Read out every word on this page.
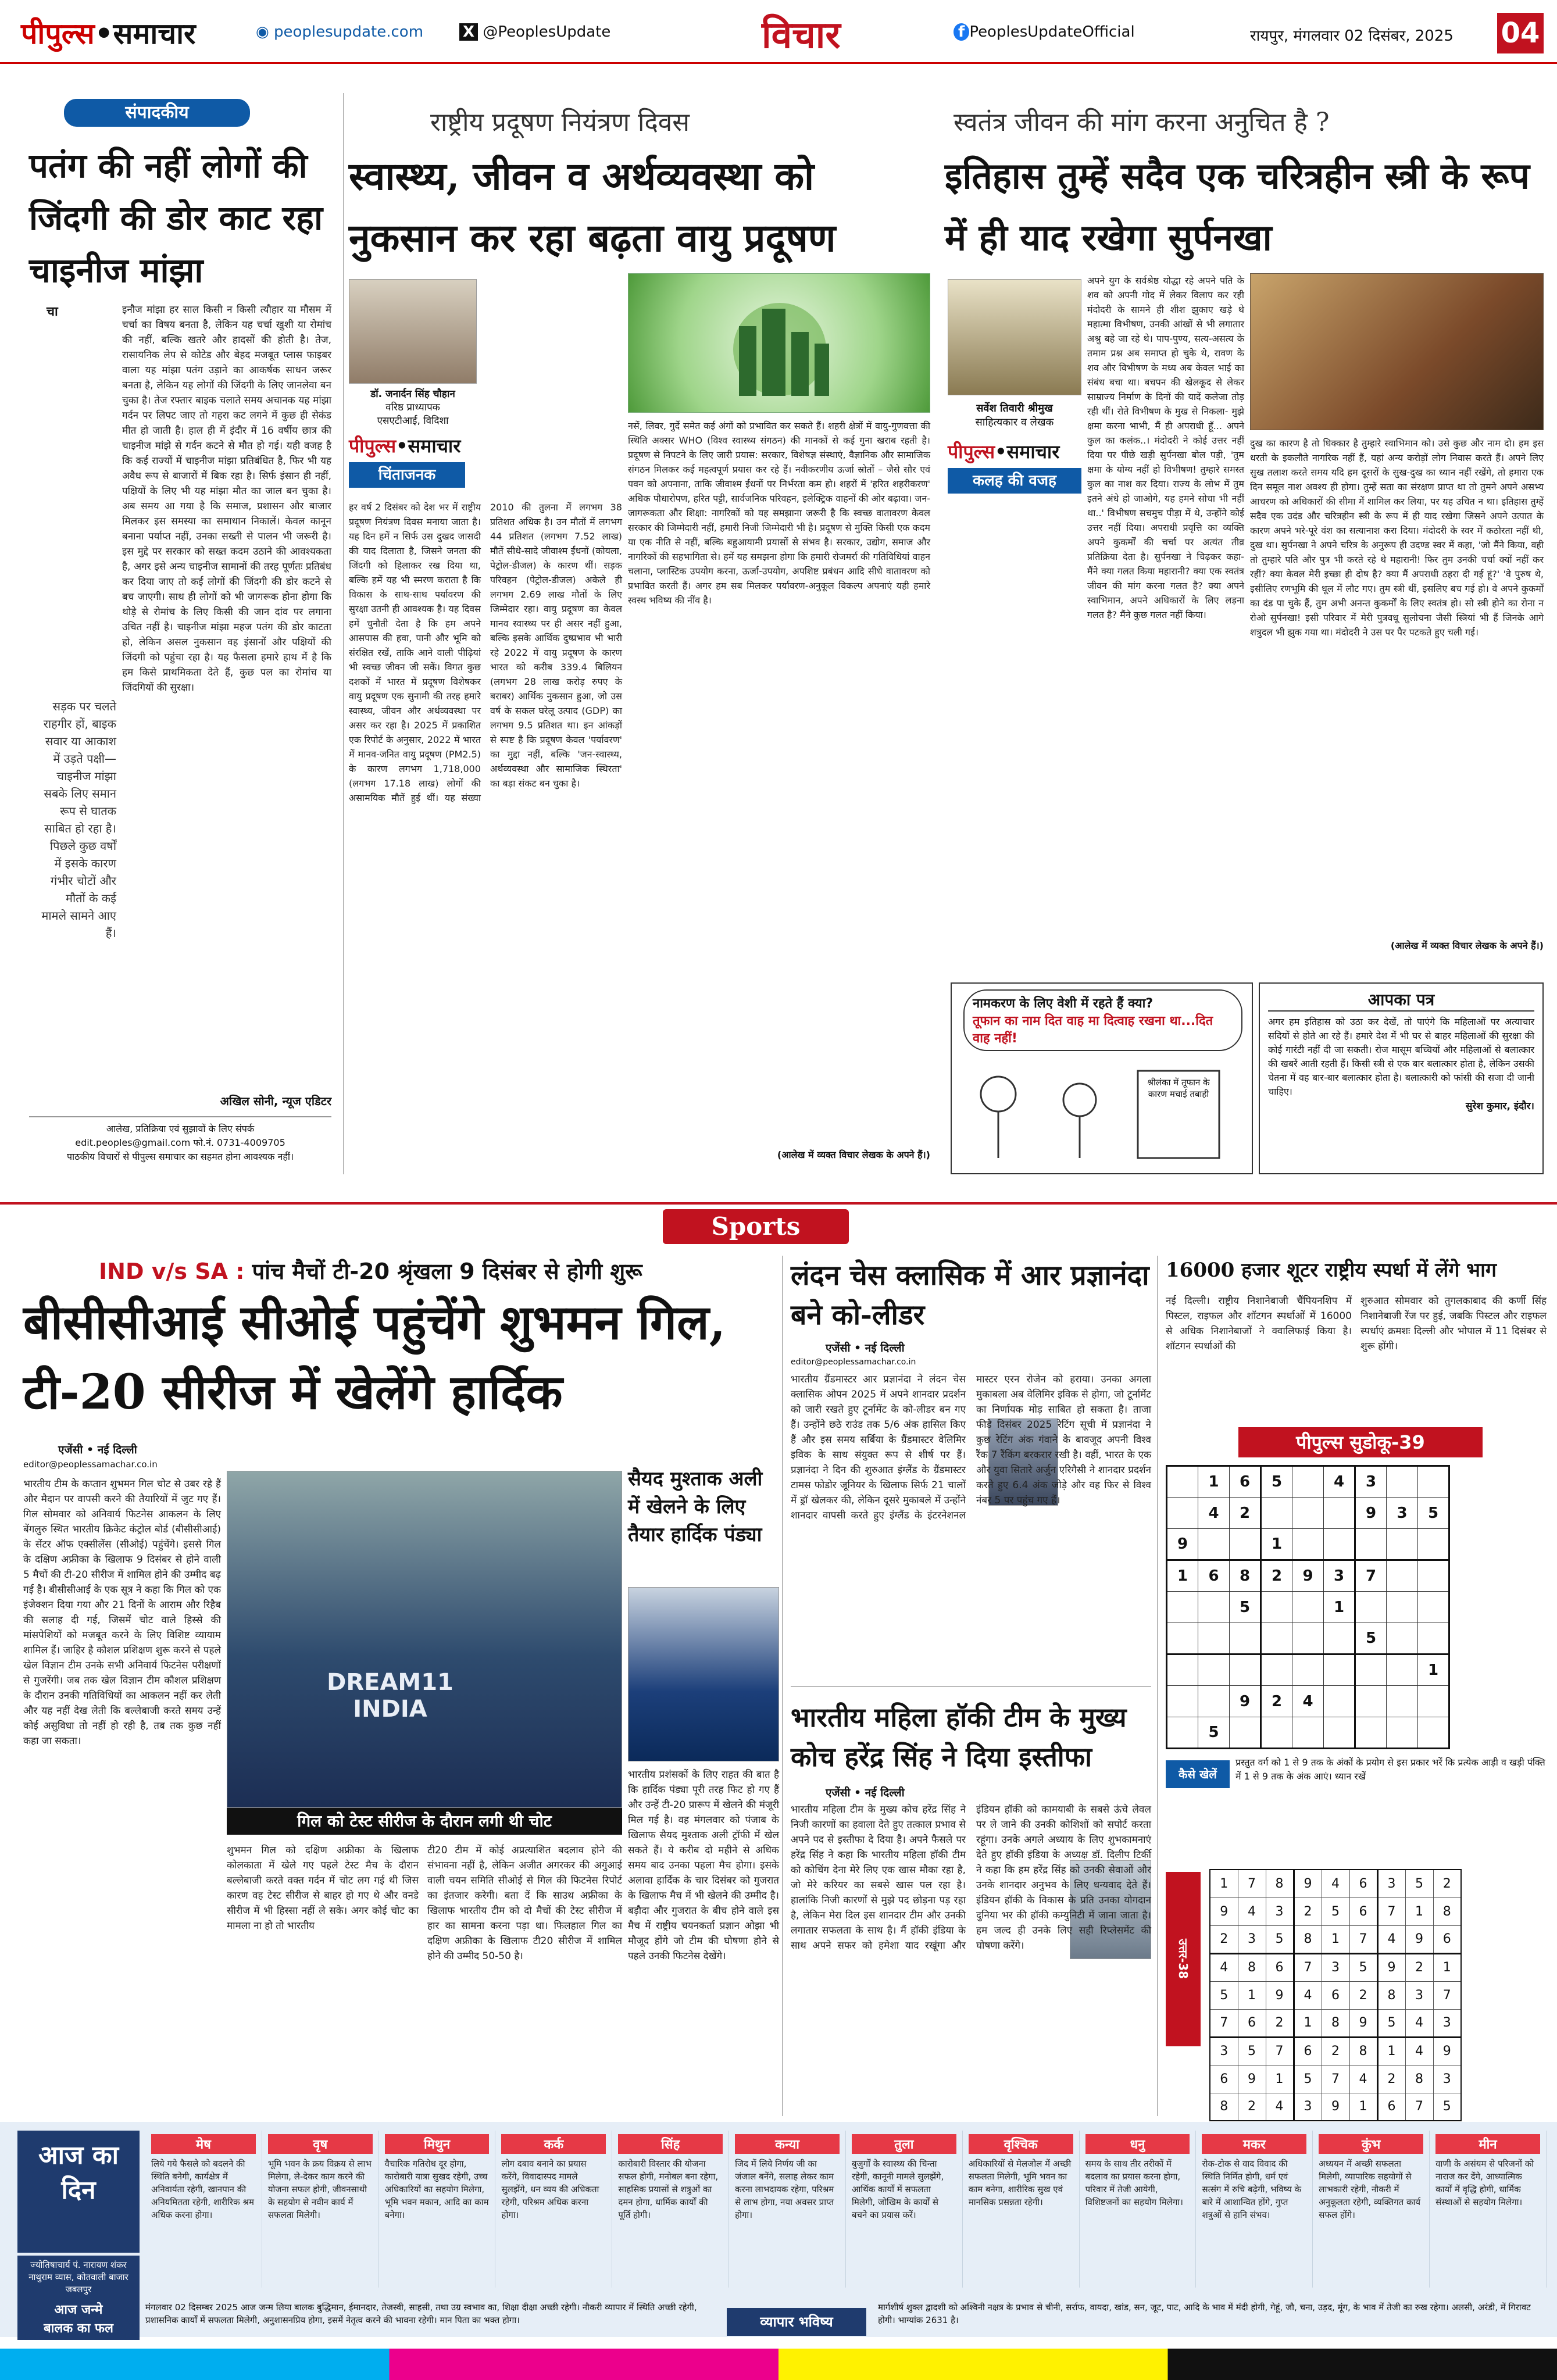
पीपुल्स•समाचार	◉ peoplesupdate.com	X @PeoplesUpdate	विचार	f PeoplesUpdateOfficial	रायपुर, मंगलवार 02 दिसंबर, 2025 04
संपादकीय
पतंग की नहीं लोगों की जिंदगी की डोर काट रहा चाइनीज मांझा
इनौज मांझा हर साल किसी न किसी त्यौहार या मौसम में चर्चा का विषय बनता है, लेकिन यह चर्चा खुशी या रोमांच की नहीं, बल्कि खतरे और हादसों की होती है। तेज, रासायनिक लेप से कोटेड और बेहद मजबूत प्लास फाइबर वाला यह मांझा पतंग उड़ाने का आकर्षक साधन जरूर बनता है, लेकिन यह लोगों की जिंदगी के लिए जानलेवा बन चुका है। तेज रफ्तार बाइक चलाते समय अचानक यह मांझा गर्दन पर लिपट जाए तो गहरा कट लगने में कुछ ही सेकंड मीत हो जाती है। हाल ही में इंदौर में 16 वर्षीय छात्र की चाइनीज मांझे से गर्दन कटने से मौत हो गई। यही वजह है कि कई राज्यों में चाइनीज मांझा प्रतिबंधित है, फिर भी यह अवैध रूप से बाजारों में बिक रहा है। सिर्फ इंसान ही नहीं, पक्षियों के लिए भी यह मांझा मौत का जाल बन चुका है। अब समय आ गया है कि समाज, प्रशासन और बाजार मिलकर इस समस्या का समाधान निकालें। केवल कानून बनाना पर्याप्त नहीं, उनका सख्ती से पालन भी जरूरी है। इस मुद्दे पर सरकार को सख्त कदम उठाने की आवश्यकता है, अगर इसे अन्य चाइनीज सामानों की तरह पूर्णतः प्रतिबंध कर दिया जाए तो कई लोगों की जिंदगी की डोर कटने से बच जाएगी। साथ ही लोगों को भी जागरूक होना होगा कि थोड़े से रोमांच के लिए किसी की जान दांव पर लगाना उचित नहीं है। चाइनीज मांझा महज पतंग की डोर काटता हो, लेकिन असल नुकसान वह इंसानों और पक्षियों की जिंदगी को पहुंचा रहा है। यह फैसला हमारे हाथ में है कि हम किसे प्राथमिकता देते हैं, कुछ पल का रोमांच या जिंदगियों की सुरक्षा।
चा
सड़क पर चलते राहगीर हों, बाइक सवार या आकाश में उड़ते पक्षी—चाइनीज मांझा सबके लिए समान रूप से घातक साबित हो रहा है। पिछले कुछ वर्षों में इसके कारण गंभीर चोटों और मौतों के कई मामले सामने आए हैं।
अखिल सोनी, न्यूज एडिटर
आलेख, प्रतिक्रिया एवं सुझावों के लिए संपर्क
edit.peoples@gmail.com फो.नं. 0731-4009705
पाठकीय विचारों से पीपुल्स समाचार का सहमत होना आवश्यक नहीं।
राष्ट्रीय प्रदूषण नियंत्रण दिवस
स्वास्थ्य, जीवन व अर्थव्यवस्था को नुकसान कर रहा बढ़ता वायु प्रदूषण
डॉ. जनार्दन सिंह चौहान
वरिष्ठ प्राध्यापक
एसएटीआई, विदिशा
पीपुल्स•समाचार
चिंताजनक
हर वर्ष 2 दिसंबर को देश भर में राष्ट्रीय प्रदूषण नियंत्रण दिवस मनाया जाता है। यह दिन हमें न सिर्फ उस दुखद जासदी की याद दिलाता है, जिसने जनता की जिंदगी को हिलाकर रख दिया था, बल्कि हमें यह भी स्मरण कराता है कि विकास के साथ-साथ पर्यावरण की सुरक्षा उतनी ही आवश्यक है। यह दिवस हमें चुनौती देता है कि हम अपने आसपास की हवा, पानी और भूमि को संरक्षित रखें, ताकि आने वाली पीढ़ियां भी स्वच्छ जीवन जी सकें। विगत कुछ दशकों में भारत में प्रदूषण विशेषकर वायु प्रदूषण एक सुनामी की तरह हमारे स्वास्थ्य, जीवन और अर्थव्यवस्था पर असर कर रहा है। 2025 में प्रकाशित एक रिपोर्ट के अनुसार, 2022 में भारत में मानव-जनित वायु प्रदूषण (PM2.5) के कारण लगभग 1,718,000 (लगभग 17.18 लाख) लोगों की असामयिक मौतें हुई थीं। यह संख्या 2010 की तुलना में लगभग 38 प्रतिशत अधिक है। उन मौतों में लगभग 44 प्रतिशत (लगभग 7.52 लाख) मौतें सीधे-सादे जीवाश्म ईंधनों (कोयला, पेट्रोल-डीजल) के कारण थीं। सड़क परिवहन (पेट्रोल-डीजल) अकेले ही लगभग 2.69 लाख मौतों के लिए जिम्मेदार रहा। वायु प्रदूषण का केवल मानव स्वास्थ्य पर ही असर नहीं हुआ, बल्कि इसके आर्थिक दुष्प्रभाव भी भारी रहे 2022 में वायु प्रदूषण के कारण भारत को करीब 339.4 बिलियन (लगभग 28 लाख करोड़ रुपए के बराबर) आर्थिक नुकसान हुआ, जो उस वर्ष के सकल घरेलू उत्पाद (GDP) का लगभग 9.5 प्रतिशत था। इन आंकड़ों से स्पष्ट है कि प्रदूषण केवल 'पर्यावरण' का मुद्दा नहीं, बल्कि 'जन-स्वास्थ्य, अर्थव्यवस्था और सामाजिक स्थिरता' का बड़ा संकट बन चुका है।
नसें, लिवर, गुर्दे समेत कई अंगों को प्रभावित कर सकते हैं। शहरी क्षेत्रों में वायु-गुणवत्ता की स्थिति अक्सर WHO (विश्व स्वास्थ्य संगठन) की मानकों से कई गुना खराब रहती है। प्रदूषण से निपटने के लिए जारी प्रयास: सरकार, विशेषज्ञ संस्थाएं, वैज्ञानिक और सामाजिक संगठन मिलकर कई महत्वपूर्ण प्रयास कर रहे हैं। नवीकरणीय ऊर्जा स्रोतों – जैसे सौर एवं पवन को अपनाना, ताकि जीवाश्म ईंधनों पर निर्भरता कम हो। शहरों में 'हरित शहरीकरण' अधिक पौधारोपण, हरित पट्टी, सार्वजनिक परिवहन, इलेक्ट्रिक वाहनों की ओर बढ़ावा। जन-जागरूकता और शिक्षा: नागरिकों को यह समझाना जरूरी है कि स्वच्छ वातावरण केवल सरकार की जिम्मेदारी नहीं, हमारी निजी जिम्मेदारी भी है। प्रदूषण से मुक्ति किसी एक कदम या एक नीति से नहीं, बल्कि बहुआयामी प्रयासों से संभव है। सरकार, उद्योग, समाज और नागरिकों की सहभागिता से। हमें यह समझना होगा कि हमारी रोजमर्रा की गतिविधियां वाहन चलाना, प्लास्टिक उपयोग करना, ऊर्जा-उपयोग, अपशिष्ट प्रबंधन आदि सीधे वातावरण को प्रभावित करती हैं। अगर हम सब मिलकर पर्यावरण-अनुकूल विकल्प अपनाएं यही हमारे स्वस्थ भविष्य की नींव है।
(आलेख में व्यक्त विचार लेखक के अपने हैं।)
स्वतंत्र जीवन की मांग करना अनुचित है ?
इतिहास तुम्हें सदैव एक चरित्रहीन स्त्री के रूप में ही याद रखेगा सुर्पनखा
सर्वेश तिवारी श्रीमुख
साहित्यकार व लेखक
पीपुल्स•समाचार
कलह की वजह
अपने युग के सर्वश्रेष्ठ योद्धा रहे अपने पति के शव को अपनी गोद में लेकर विलाप कर रही मंदोदरी के सामने ही शीश झुकाए खड़े थे महात्मा विभीषण, उनकी आंखों से भी लगातार अश्रु बहे जा रहे थे। पाप-पुण्य, सत्य-असत्य के तमाम प्रश्न अब समाप्त हो चुके थे, रावण के शव और विभीषण के मध्य अब केवल भाई का संबंध बचा था। बचपन की खेलकूद से लेकर साम्राज्य निर्माण के दिनों की यादें कलेजा तोड़ रही थीं। रोते विभीषण के मुख से निकला- मुझे क्षमा करना भाभी, मैं ही अपराधी हूँ... अपने कुल का कलंक..। मंदोदरी ने कोई उत्तर नहीं दिया पर पीछे खड़ी सुर्पनखा बोल पड़ी, 'तुम क्षमा के योग्य नहीं हो विभीषण! तुम्हारे समस्त कुल का नाश कर दिया। राज्य के लोभ में तुम इतने अंधे हो जाओगे, यह हमने सोचा भी नहीं था..' विभीषण सचमुच पीड़ा में थे, उन्होंने कोई उत्तर नहीं दिया। अपराधी प्रवृत्ति का व्यक्ति अपने कुकर्मों की चर्चा पर अत्यंत तीव्र प्रतिक्रिया देता है। सुर्पनखा ने चिढ़कर कहा- मैंने क्या गलत किया महारानी? क्या एक स्वतंत्र जीवन की मांग करना गलत है? क्या अपने स्वाभिमान, अपने अधिकारों के लिए लड़ना गलत है? मैंने कुछ गलत नहीं किया।
दुख का कारण है तो धिक्कार है तुम्हारे स्वाभिमान को। उसे कुछ और नाम दो। हम इस धरती के इकलौते नागरिक नहीं हैं, यहां अन्य करोड़ों लोग निवास करते हैं। अपने लिए सुख तलाश करते समय यदि हम दूसरों के सुख-दुख का ध्यान नहीं रखेंगे, तो हमारा एक दिन समूल नाश अवश्य ही होगा। तुम्हें सता का संरक्षण प्राप्त था तो तुमने अपने असभ्य आचरण को अधिकारों की सीमा में शामिल कर लिया, पर यह उचित न था। इतिहास तुम्हें सदैव एक उदंड और चरित्रहीन स्त्री के रूप में ही याद रखेगा जिसने अपने उत्पात के कारण अपने भरे-पूरे वंश का सत्यानाश करा दिया। मंदोदरी के स्वर में कठोरता नहीं थी, दुख था। सुर्पनखा ने अपने चरित्र के अनुरूप ही उदण्ड स्वर में कहा, 'जो मैंने किया, वही तो तुम्हारे पति और पुत्र भी करते रहे थे महारानी! फिर तुम उनकी चर्चा क्यों नहीं कर रहीं? क्या केवल मेरी इच्छा ही दोष है? क्या मैं अपराधी ठहरा दी गई हूं?' 'वे पुरुष थे, इसीलिए रणभूमि की धूल में लौट गए। तुम स्त्री थीं, इसलिए बच गई हो। वे अपने कुकर्मों का दंड पा चुके हैं, तुम अभी अनन्त कुकर्मों के लिए स्वतंत्र हो। सो स्त्री होने का रोना न रोओ सुर्पनखा! इसी परिवार में मेरी पुत्रवधू सुलोचना जैसी स्त्रियां भी हैं जिनके आगे शत्रुदल भी झुक गया था। मंदोदरी ने उस पर पैर पटकते हुए चली गई।
(आलेख में व्यक्त विचार लेखक के अपने हैं।)
नामकरण के लिए वेशी में रहते हैं क्या?
तूफान का नाम दित वाह मा दित्वाह रखना था...दित वाह नहीं!
श्रीलंका में तूफान के कारण मचाई तबाही
आपका पत्र
अगर हम इतिहास को उठा कर देखें, तो पाएंगे कि महिलाओं पर अत्याचार सदियों से होते आ रहे हैं। हमारे देश में भी घर से बाहर महिलाओं की सुरक्षा की कोई गारंटी नहीं दी जा सकती। रोज मासूम बच्चियों और महिलाओं से बलात्कार की खबरें आती रहती हैं। किसी स्त्री से एक बार बलात्कार होता है, लेकिन उसकी चेतना में वह बार-बार बलात्कार होता है। बलात्कारी को फांसी की सजा दी जानी चाहिए।
सुरेश कुमार, इंदौर।
Sports
IND v/s SA : पांच मैचों टी-20 श्रृंखला 9 दिसंबर से होगी शुरू
बीसीसीआई सीओई पहुंचेंगे शुभमन गिल, टी-20 सीरीज में खेलेंगे हार्दिक
एजेंसी • नई दिल्ली
editor@peoplessamachar.co.in
भारतीय टीम के कप्तान शुभमन गिल चोट से उबर रहे हैं और मैदान पर वापसी करने की तैयारियों में जुट गए हैं। गिल सोमवार को अनिवार्य फिटनेस आकलन के लिए बेंगलुरु स्थित भारतीय क्रिकेट कंट्रोल बोर्ड (बीसीसीआई) के सेंटर ऑफ एक्सीलेंस (सीओई) पहुंचेंगे। इससे गिल के दक्षिण अफ्रीका के खिलाफ 9 दिसंबर से होने वाली 5 मैचों की टी-20 सीरीज में शामिल होने की उम्मीद बढ़ गई है। बीसीसीआई के एक सूत्र ने कहा कि गिल को एक इंजेक्शन दिया गया और 21 दिनों के आराम और रिहैब की सलाह दी गई, जिसमें चोट वाले हिस्से की मांसपेशियों को मजबूत करने के लिए विशिष्ट व्यायाम शामिल हैं। जाहिर है कौशल प्रशिक्षण शुरू करने से पहले खेल विज्ञान टीम उनके सभी अनिवार्य फिटनेस परीक्षणों से गुजरेंगी। जब तक खेल विज्ञान टीम कौशल प्रशिक्षण के दौरान उनकी गतिविधियों का आकलन नहीं कर लेती और यह नहीं देख लेती कि बल्लेबाजी करते समय उन्हें कोई असुविधा तो नहीं हो रही है, तब तक कुछ नहीं कहा जा सकता।
DREAM11 INDIA
गिल को टेस्ट सीरीज के दौरान लगी थी चोट
शुभमन गिल को दक्षिण अफ्रीका के खिलाफ कोलकाता में खेले गए पहले टेस्ट मैच के दौरान बल्लेबाजी करते वक्त गर्दन में चोट लग गई थी जिस कारण वह टेस्ट सीरीज से बाहर हो गए थे और वनडे सीरीज में भी हिस्सा नहीं ले सके। अगर कोई चोट का मामला ना हो तो भारतीय
टी20 टीम में कोई अप्रत्याशित बदलाव होने की संभावना नहीं है, लेकिन अजीत अगरकर की अगुआई वाली चयन समिति सीओई से गिल की फिटनेस रिपोर्ट का इंतजार करेगी। बता दें कि साउथ अफ्रीका के खिलाफ भारतीय टीम को दो मैचों की टेस्ट सीरीज में हार का सामना करना पड़ा था। फिलहाल गिल का दक्षिण अफ्रीका के खिलाफ टी20 सीरीज में शामिल होने की उम्मीद 50-50 है।
सैयद मुश्ताक अली में खेलने के लिए तैयार हार्दिक पंड्या
भारतीय प्रशंसकों के लिए राहत की बात है कि हार्दिक पंड्या पूरी तरह फिट हो गए हैं और उन्हें टी-20 प्रारूप में खेलने की मंजूरी मिल गई है। वह मंगलवार को पंजाब के खिलाफ सैयद मुश्ताक अली ट्रॉफी में खेल सकते हैं। ये करीब दो महीने से अधिक समय बाद उनका पहला मैच होगा। इसके अलावा हार्दिक के चार दिसंबर को गुजरात के खिलाफ मैच में भी खेलने की उम्मीद है। बड़ौदा और गुजरात के बीच होने वाले इस मैच में राष्ट्रीय चयनकर्ता प्रज्ञान ओझा भी मौजूद होंगे जो टीम की घोषणा होने से पहले उनकी फिटनेस देखेंगे।
लंदन चेस क्लासिक में आर प्रज्ञानंदा बने को-लीडर
एजेंसी • नई दिल्ली
editor@peoplessamachar.co.in
भारतीय ग्रैंडमास्टर आर प्रज्ञानंदा ने लंदन चेस क्लासिक ओपन 2025 में अपने शानदार प्रदर्शन को जारी रखते हुए टूर्नामेंट के को-लीडर बन गए हैं। उन्होंने छठे राउंड तक 5/6 अंक हासिल किए हैं और इस समय सर्बिया के ग्रैंडमास्टर वेलिमिर इविक के साथ संयुक्त रूप से शीर्ष पर हैं। प्रज्ञानंदा ने दिन की शुरुआत इंग्लैंड के ग्रैंडमास्टर टामस फोडोर जूनियर के खिलाफ सिर्फ 21 चालों में ड्रॉ खेलकर की, लेकिन दूसरे मुकाबले में उन्होंने शानदार वापसी करते हुए इंग्लैंड के इंटरनेशनल मास्टर एरन रोजेन को हराया। उनका अगला मुकाबला अब वेलिमिर इविक से होगा, जो टूर्नामेंट का निर्णायक मोड़ साबित हो सकता है। ताजा फीडे दिसंबर 2025 रेटिंग सूची में प्रज्ञानंदा ने कुछ रेटिंग अंक गंवाने के बावजूद अपनी विश्व रैंक 7 रैंकिंग बरकरार रखी है। वहीं, भारत के एक और युवा सितारे अर्जुन एरिगैसी ने शानदार प्रदर्शन करते हुए 6.4 अंक जोड़े और वह फिर से विश्व नंबर 5 पर पहुंच गए हैं।
भारतीय महिला हॉकी टीम के मुख्य कोच हरेंद्र सिंह ने दिया इस्तीफा
एजेंसी • नई दिल्ली
भारतीय महिला टीम के मुख्य कोच हरेंद्र सिंह ने निजी कारणों का हवाला देते हुए तत्काल प्रभाव से अपने पद से इस्तीफा दे दिया है। अपने फैसले पर हरेंद्र सिंह ने कहा कि भारतीय महिला हॉकी टीम को कोचिंग देना मेरे लिए एक खास मौका रहा है, जो मेरे करियर का सबसे खास पल रहा है। हालांकि निजी कारणों से मुझे पद छोड़ना पड़ रहा है, लेकिन मेरा दिल इस शानदार टीम और उनकी लगातार सफलता के साथ है। मैं हॉकी इंडिया के साथ अपने सफर को हमेशा याद रखूंगा और इंडियन हॉकी को कामयाबी के सबसे ऊंचे लेवल पर ले जाने की उनकी कोशिशों को सपोर्ट करता रहूंगा। उनके अगले अध्याय के लिए शुभकामनाएं देते हुए हॉकी इंडिया के अध्यक्ष डॉ. दिलीप टिर्की ने कहा कि हम हरेंद्र सिंह को उनकी सेवाओं और उनके शानदार अनुभव के लिए धन्यवाद देते हैं। इंडियन हॉकी के विकास के प्रति उनका योगदान दुनिया भर की हॉकी कम्युनिटी में जाना जाता है। हम जल्द ही उनके लिए सही रिप्लेसमेंट की घोषणा करेंगे।
16000 हजार शूटर राष्ट्रीय स्पर्धा में लेंगे भाग
नई दिल्ली। राष्ट्रीय निशानेबाजी चैंपियनशिप में पिस्टल, राइफल और शॉटगन स्पर्धाओं में 16000 से अधिक निशानेबाजों ने क्वालिफाई किया है। शॉटगन स्पर्धाओं की
शुरुआत सोमवार को तुगलकाबाद की कर्णी सिंह निशानेबाजी रेंज पर हुई, जबकि पिस्टल और राइफल स्पर्धाएं क्रमशः दिल्ली और भोपाल में 11 दिसंबर से शुरू होंगी।
पीपुल्स सुडोकू-39
	1	6	5		4	3		
	4	2				9	3	5
9			1					
1	6	8	2	9	3	7		
		5			1			
						5		
								1
		9	2	4				
	5							
कैसे खेलें
प्रस्तुत वर्ग को 1 से 9 तक के अंकों के प्रयोग से इस प्रकार भरें कि प्रत्येक आड़ी व खड़ी पंक्ति में 1 से 9 तक के अंक आएं। ध्यान रखें
उत्तर-38
1	7	8	9	4	6	3	5	2
9	4	3	2	5	6	7	1	8
2	3	5	8	1	7	4	9	6
4	8	6	7	3	5	9	2	1
5	1	9	4	6	2	8	3	7
7	6	2	1	8	9	5	4	3
3	5	7	6	2	8	1	4	9
6	9	1	5	7	4	2	8	3
8	2	4	3	9	1	6	7	5
आज का
दिन
ज्योतिषाचार्य पं. नारायण शंकर नाथुराम व्यास, कोतवाली बाजार जबलपुर
मेष
लिये गये फैसले को बदलने की स्थिति बनेगी, कार्यक्षेत्र में अनिवार्यता रहेगी, खानपान की अनियमितता रहेगी, शारीरिक श्रम अधिक करना होगा।
वृष
भूमि भवन के क्रय विक्रय से लाभ मिलेगा, ले-देकर काम करने की योजना सफल होगी, जीवनसाथी के सहयोग से नवीन कार्य में सफलता मिलेगी।
मिथुन
वैचारिक गतिरोध दूर होगा, कारोबारी यात्रा सुखद रहेगी, उच्च अधिकारियों का सहयोग मिलेगा, भूमि भवन मकान, आदि का काम बनेगा।
कर्क
लोग दबाव बनाने का प्रयास करेंगे, विवादास्पद मामले सुलझेंगे, धन व्यय की अधिकता रहेगी, परिश्रम अधिक करना होगा।
सिंह
कारोबारी विस्तार की योजना सफल होगी, मनोबल बना रहेगा, साहसिक प्रयासों से शत्रुओं का दमन होगा, धार्मिक कार्यों की पूर्ति होगी।
कन्या
जिद में लिये निर्णय जी का जंजाल बनेंगे, सलाह लेकर काम करना लाभदायक रहेगा, परिश्रम से लाभ होगा, नया अवसर प्राप्त होगा।
तुला
बुजुर्गों के स्वास्थ्य की चिन्ता रहेगी, कानूनी मामले सुलझेंगे, आर्थिक कार्यों में सफलता मिलेगी, जोखिम के कार्यों से बचने का प्रयास करें।
वृश्चिक
अधिकारियों से मेलजोल में अच्छी सफलता मिलेगी, भूमि भवन का काम बनेगा, शारीरिक सुख एवं मानसिक प्रसन्नता रहेगी।
धनु
समय के साथ तीर तरीकों में बदलाव का प्रयास करना होगा, परिवार में तेजी आयेगी, विशिष्टजनों का सहयोग मिलेगा।
मकर
रोक-टोक से वाद विवाद की स्थिति निर्मित होगी, धर्म एवं सत्संग में रुचि बढ़ेगी, भविष्य के बारे में आशान्वित होंगे, गुप्त शत्रुओं से हानि संभव।
कुंभ
अध्ययन में अच्छी सफलता मिलेगी, व्यापारिक सहयोगों से लाभकारी रहेगी, नौकरी में अनुकूलता रहेगी, व्यक्तिगत कार्य सफल होंगे।
मीन
वाणी के असंयम से परिजनों को नाराज कर देंगे, आध्यात्मिक कार्यों में वृद्धि होगी, धार्मिक संस्थाओं से सहयोग मिलेगा।
आज जन्मे
बालक का फल
मंगलवार 02 दिसम्बर 2025 आज जन्म लिया बालक बुद्धिमान, ईमानदार, तेजस्वी, साहसी, तथा उग्र स्वभाव का, शिक्षा दीक्षा अच्छी रहेगी। नौकरी व्यापार में स्थिति अच्छी रहेगी, प्रशासनिक कार्यों में सफलता मिलेगी, अनुशासनप्रिय होगा, इसमें नेतृत्व करने की भावना रहेगी। मान पिता का भक्त होगा।	व्यापार भविष्य
मार्गशीर्ष शुक्ल द्वादशी को अश्विनी नक्षत्र के प्रभाव से चीनी, सर्राफ, वायदा, खांड, सन, जूट, पाट, आदि के भाव में मंदी होगी, गेहूं, जौ, चना, उड़द, मूंग, के भाव में तेजी का रुख रहेगा। अलसी, अरंडी, में गिरावट होगी। भाग्यांक 2631 है।
